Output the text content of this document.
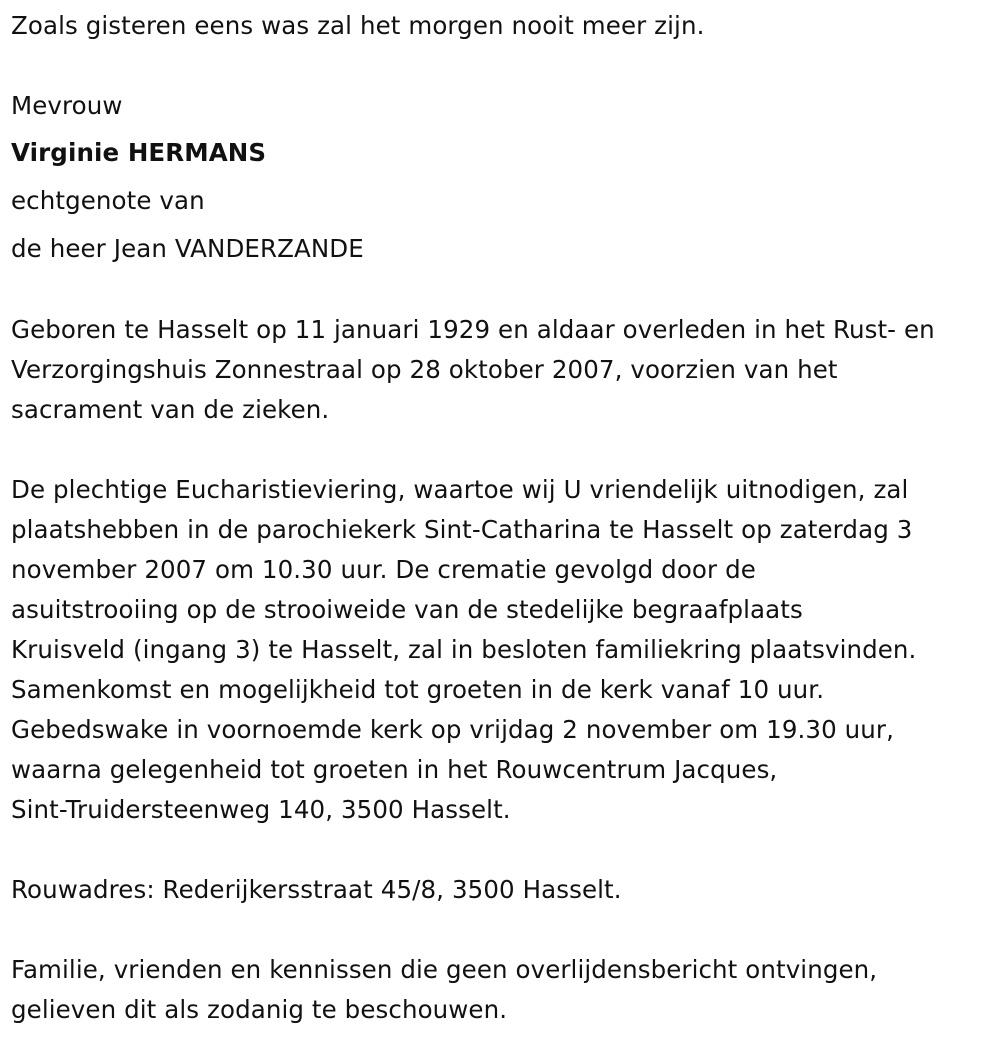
Zoals gisteren eens was zal het morgen nooit meer zijn.

Mevrouw

Virginie HERMANS

echtgenote van

de heer Jean VANDERZANDE

Geboren te Hasselt op 11 januari 1929 en aldaar overleden in het Rust- en
Verzorgingshuis Zonnestraal op 28 oktober 2007, voorzien van het
sacrament van de zieken.
De plechtige Eucharistieviering, waartoe wij U vriendelijk uitnodigen, zal
plaatshebben in de parochiekerk Sint-Catharina te Hasselt op zaterdag 3
november 2007 om 10.30 uur. De crematie gevolgd door de
asuitstrooiing op de strooiweide van de stedelijke begraafplaats
Kruisveld (ingang 3) te Hasselt, zal in besloten familiekring plaatsvinden.
Samenkomst en mogelijkheid tot groeten in de kerk vanaf 10 uur.
Gebedswake in voornoemde kerk op vrijdag 2 november om 19.30 uur,
waarna gelegenheid tot groeten in het Rouwcentrum Jacques,
Sint-Truidersteenweg 140, 3500 Hasselt.

Rouwadres: Rederijkersstraat 45/8, 3500 Hasselt.

Familie, vrienden en kennissen die geen overlijdensbericht ontvingen,
gelieven dit als zodanig te beschouwen.
